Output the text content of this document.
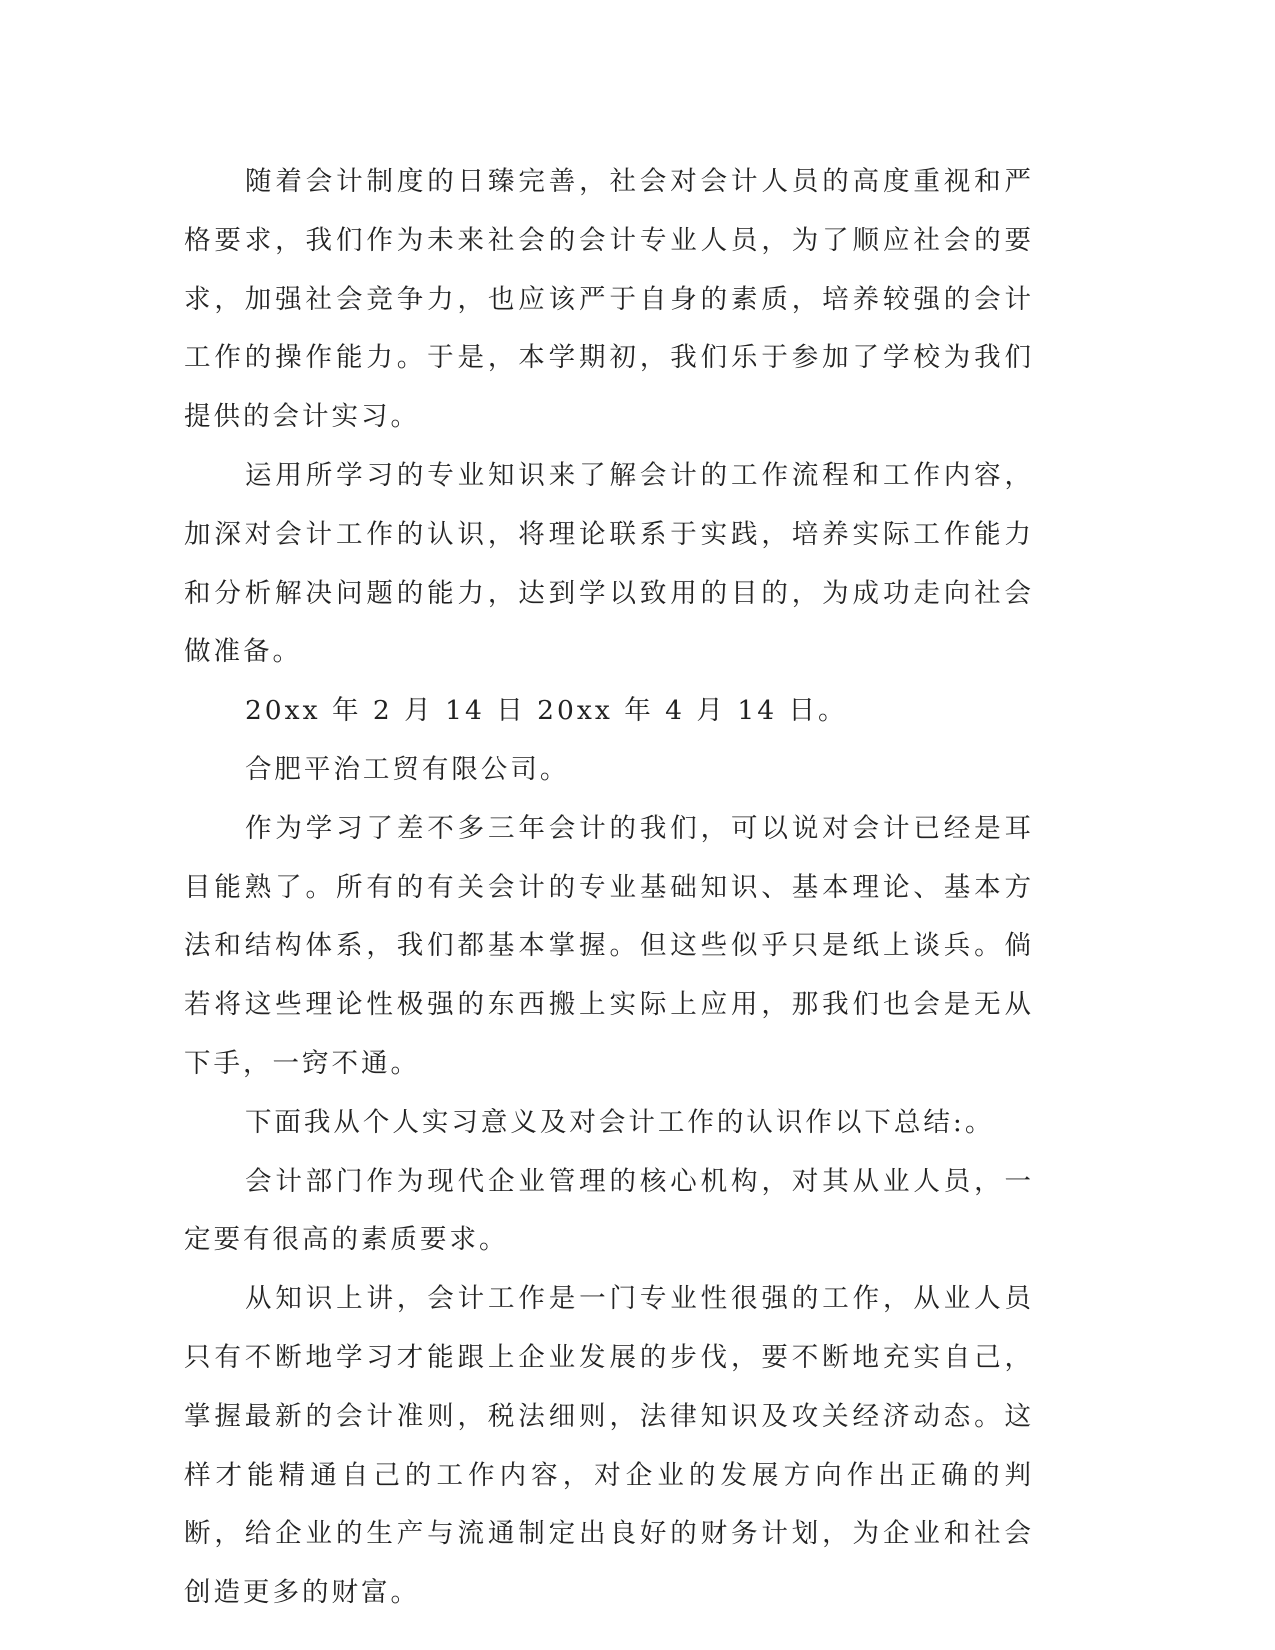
随着会计制度的日臻完善，社会对会计人员的高度重视和严格要求，我们作为未来社会的会计专业人员，为了顺应社会的要求，加强社会竞争力，也应该严于自身的素质，培养较强的会计工作的操作能力。于是，本学期初，我们乐于参加了学校为我们提供的会计实习。

运用所学习的专业知识来了解会计的工作流程和工作内容，加深对会计工作的认识，将理论联系于实践，培养实际工作能力和分析解决问题的能力，达到学以致用的目的，为成功走向社会做准备。

20xx 年 2 月 14 日 20xx 年 4 月 14 日。

合肥平治工贸有限公司。

作为学习了差不多三年会计的我们，可以说对会计已经是耳目能熟了。所有的有关会计的专业基础知识、基本理论、基本方法和结构体系，我们都基本掌握。但这些似乎只是纸上谈兵。倘若将这些理论性极强的东西搬上实际上应用，那我们也会是无从下手，一窍不通。

下面我从个人实习意义及对会计工作的认识作以下总结:。

会计部门作为现代企业管理的核心机构，对其从业人员，一定要有很高的素质要求。

从知识上讲，会计工作是一门专业性很强的工作，从业人员只有不断地学习才能跟上企业发展的步伐，要不断地充实自己，掌握最新的会计准则，税法细则，法律知识及攻关经济动态。这样才能精通自己的工作内容，对企业的发展方向作出正确的判断，给企业的生产与流通制定出良好的财务计划，为企业和社会创造更多的财富。
